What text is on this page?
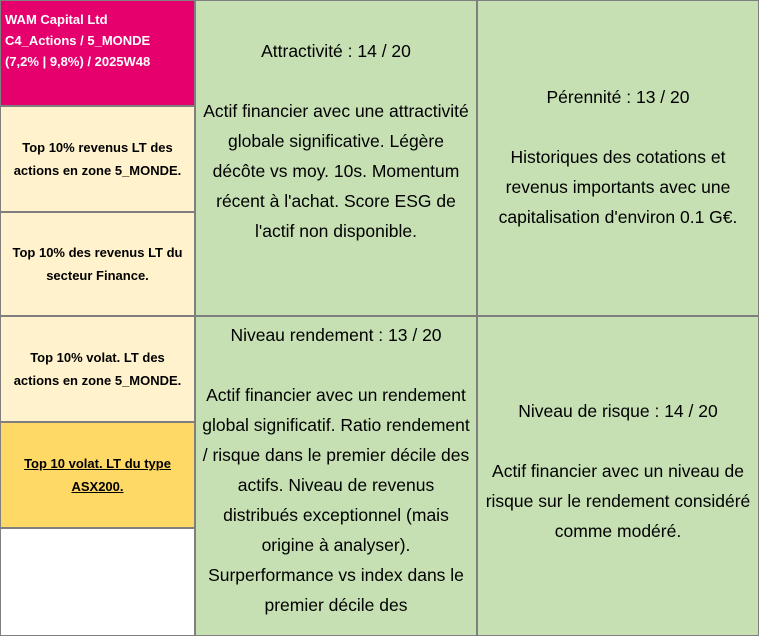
WAM Capital Ltd
C4_Actions / 5_MONDE
(7,2% | 9,8%) / 2025W48
Top 10% revenus LT des actions en zone 5_MONDE.
Top 10% des revenus LT du secteur Finance.
Top 10% volat. LT des actions en zone 5_MONDE.
Top 10 volat. LT du type ASX200.
Attractivité : 14 / 20
Actif financier avec une attractivité globale significative. Légère décôte vs moy. 10s. Momentum récent à l'achat. Score ESG de l'actif non disponible.
Pérennité : 13 / 20
Historiques des cotations et revenus importants avec une capitalisation d'environ 0.1 G€.
Niveau rendement : 13 / 20
Actif financier avec un rendement global significatif. Ratio rendement / risque dans le premier décile des actifs. Niveau de revenus distribués exceptionnel (mais origine à analyser). Surperformance vs index dans le premier décile des
Niveau de risque : 14 / 20
Actif financier avec un niveau de risque sur le rendement considéré comme modéré.
